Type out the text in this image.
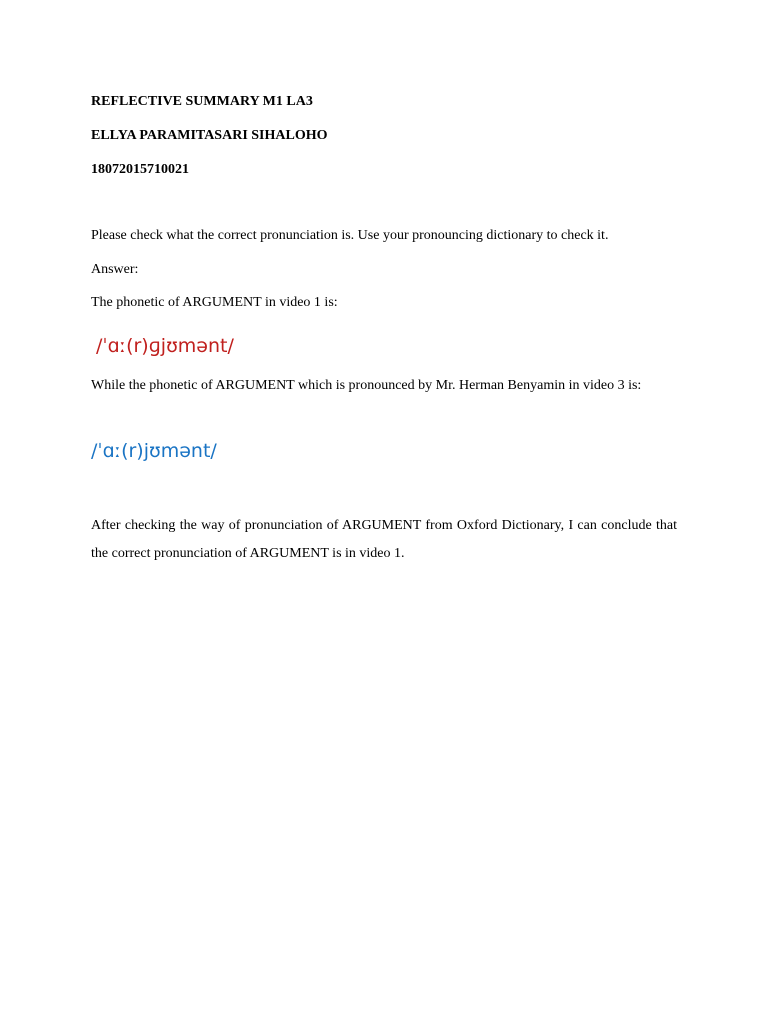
REFLECTIVE SUMMARY M1 LA3
ELLYA PARAMITASARI SIHALOHO
18072015710021
Please check what the correct pronunciation is. Use your pronouncing dictionary to check it.
Answer:
The phonetic of ARGUMENT in video 1 is:
/ˈɑː(r)ɡjʊmənt/
While the phonetic of ARGUMENT which is pronounced by Mr. Herman Benyamin in video 3 is:
/ˈɑː(r)jʊmənt/
After checking the way of pronunciation of ARGUMENT from Oxford Dictionary, I can conclude that the correct pronunciation of ARGUMENT is in video 1.
